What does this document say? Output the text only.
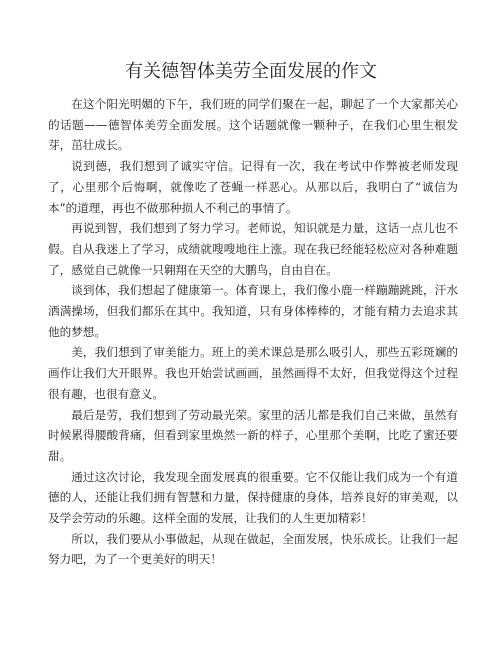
有关德智体美劳全面发展的作文

在这个阳光明媚的下午，我们班的同学们聚在一起，聊起了一个大家都关心的话题——德智体美劳全面发展。这个话题就像一颗种子，在我们心里生根发芽，茁壮成长。

说到德，我们想到了诚实守信。记得有一次，我在考试中作弊被老师发现了，心里那个后悔啊，就像吃了苍蝇一样恶心。从那以后，我明白了“诚信为本”的道理，再也不做那种损人不利己的事情了。

再说到智，我们想到了努力学习。老师说，知识就是力量，这话一点儿也不假。自从我迷上了学习，成绩就嗖嗖地往上涨。现在我已经能轻松应对各种难题了，感觉自己就像一只翱翔在天空的大鹏鸟，自由自在。

谈到体，我们想起了健康第一。体育课上，我们像小鹿一样蹦蹦跳跳，汗水洒满操场，但我们都乐在其中。我知道，只有身体棒棒的，才能有精力去追求其他的梦想。

美，我们想到了审美能力。班上的美术课总是那么吸引人，那些五彩斑斓的画作让我们大开眼界。我也开始尝试画画，虽然画得不太好，但我觉得这个过程很有趣，也很有意义。

最后是劳，我们想到了劳动最光荣。家里的活儿都是我们自己来做，虽然有时候累得腰酸背痛，但看到家里焕然一新的样子，心里那个美啊，比吃了蜜还要甜。

通过这次讨论，我发现全面发展真的很重要。它不仅能让我们成为一个有道德的人，还能让我们拥有智慧和力量，保持健康的身体，培养良好的审美观，以及学会劳动的乐趣。这样全面的发展，让我们的人生更加精彩！

所以，我们要从小事做起，从现在做起，全面发展，快乐成长。让我们一起努力吧，为了一个更美好的明天！
